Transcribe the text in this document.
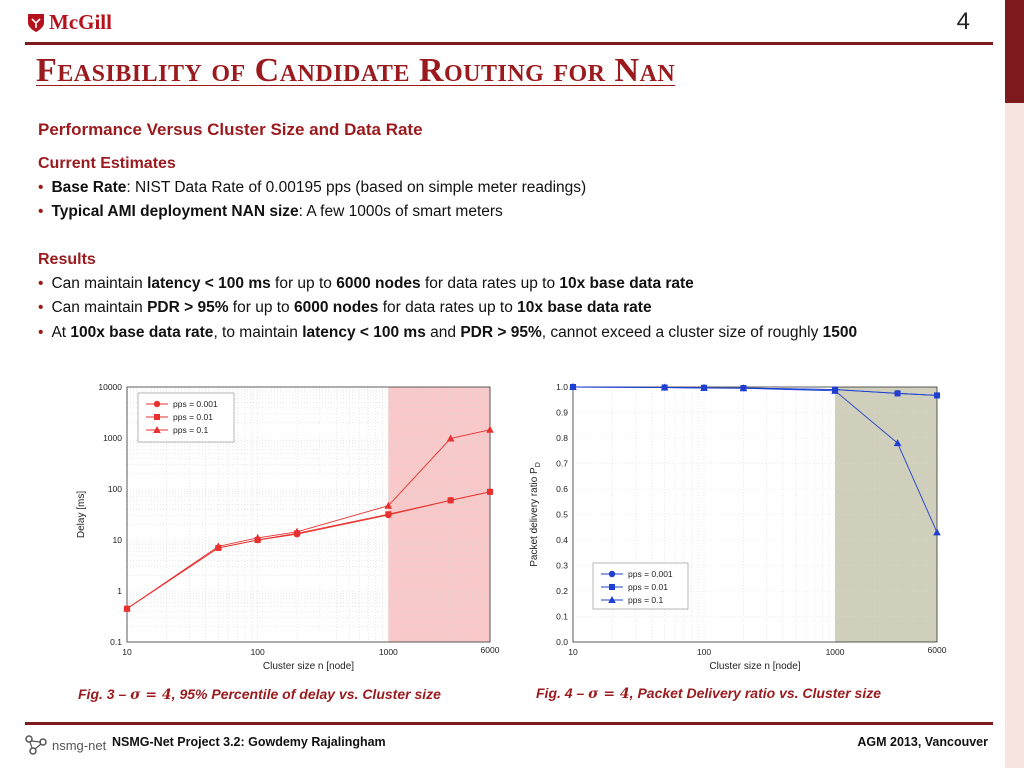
McGill	4
Feasibility of Candidate Routing for Nan
Performance Versus Cluster Size and Data Rate
Current Estimates
• Base Rate: NIST Data Rate of 0.00195 pps (based on simple meter readings)
• Typical AMI deployment NAN size: A few 1000s of smart meters
Results
• Can maintain latency < 100 ms for up to 6000 nodes for data rates up to 10x base data rate
• Can maintain PDR > 95% for up to 6000 nodes for data rates up to 10x base data rate
• At 100x base data rate, to maintain latency < 100 ms and PDR > 95%, cannot exceed a cluster size of roughly 1500
0.1
1
10
100
1000
10000
10	100	1000	6000
Cluster size n [node]
Delay [ms]
pps = 0.001
pps = 0.01
pps = 0.1
0.0
0.1
0.2
0.3
0.4
0.5
0.6
0.7
0.8
0.9
1.0
10	100	1000	6000
Cluster size n [node]
Packet delivery ratio $P_D$
pps = 0.001
pps = 0.01
pps = 0.1
Fig. 3 – σ = 4, 95% Percentile of delay vs. Cluster size	Fig. 4 – σ = 4, Packet Delivery ratio vs. Cluster size
nsmg-net NSMG-Net Project 3.2: Gowdemy Rajalingham	AGM 2013, Vancouver
